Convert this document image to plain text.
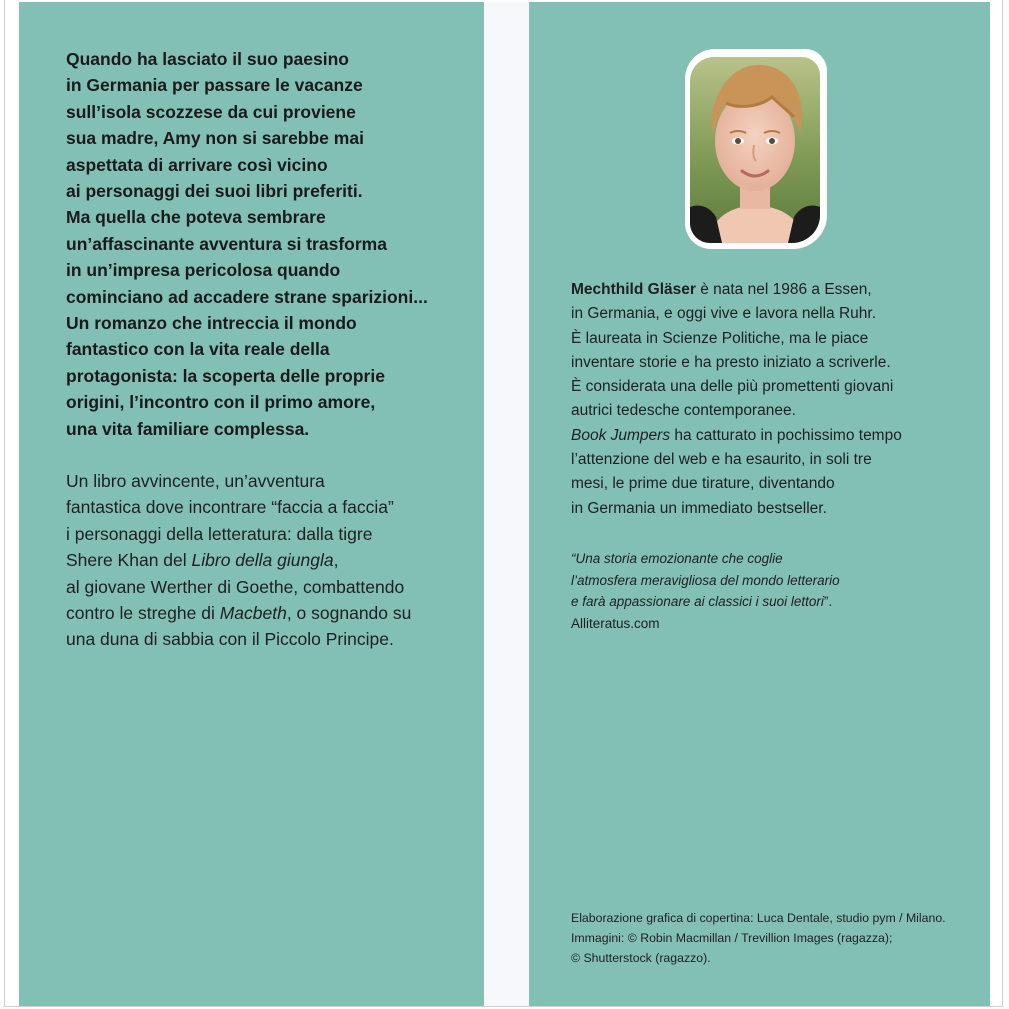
Quando ha lasciato il suo paesino
in Germania per passare le vacanze
sull’isola scozzese da cui proviene
sua madre, Amy non si sarebbe mai
aspettata di arrivare così vicino
ai personaggi dei suoi libri preferiti.
Ma quella che poteva sembrare
un’affascinante avventura si trasforma
in un’impresa pericolosa quando
cominciano ad accadere strane sparizioni...
Un romanzo che intreccia il mondo
fantastico con la vita reale della
protagonista: la scoperta delle proprie
origini, l’incontro con il primo amore,
una vita familiare complessa.
Un libro avvincente, un’avventura
fantastica dove incontrare “faccia a faccia”
i personaggi della letteratura: dalla tigre
Shere Khan del Libro della giungla,
al giovane Werther di Goethe, combattendo
contro le streghe di Macbeth, o sognando su
una duna di sabbia con il Piccolo Principe.
Mechthild Gläser è nata nel 1986 a Essen,
in Germania, e oggi vive e lavora nella Ruhr.
È laureata in Scienze Politiche, ma le piace
inventare storie e ha presto iniziato a scriverle.
È considerata una delle più promettenti giovani
autrici tedesche contemporanee.
Book Jumpers ha catturato in pochissimo tempo
l’attenzione del web e ha esaurito, in soli tre
mesi, le prime due tirature, diventando
in Germania un immediato bestseller.
“Una storia emozionante che coglie
l’atmosfera meravigliosa del mondo letterario
e farà appassionare ai classici i suoi lettori”.
Alliteratus.com
Elaborazione grafica di copertina: Luca Dentale, studio pym / Milano.
Immagini: © Robin Macmillan / Trevillion Images (ragazza);
© Shutterstock (ragazzo).
